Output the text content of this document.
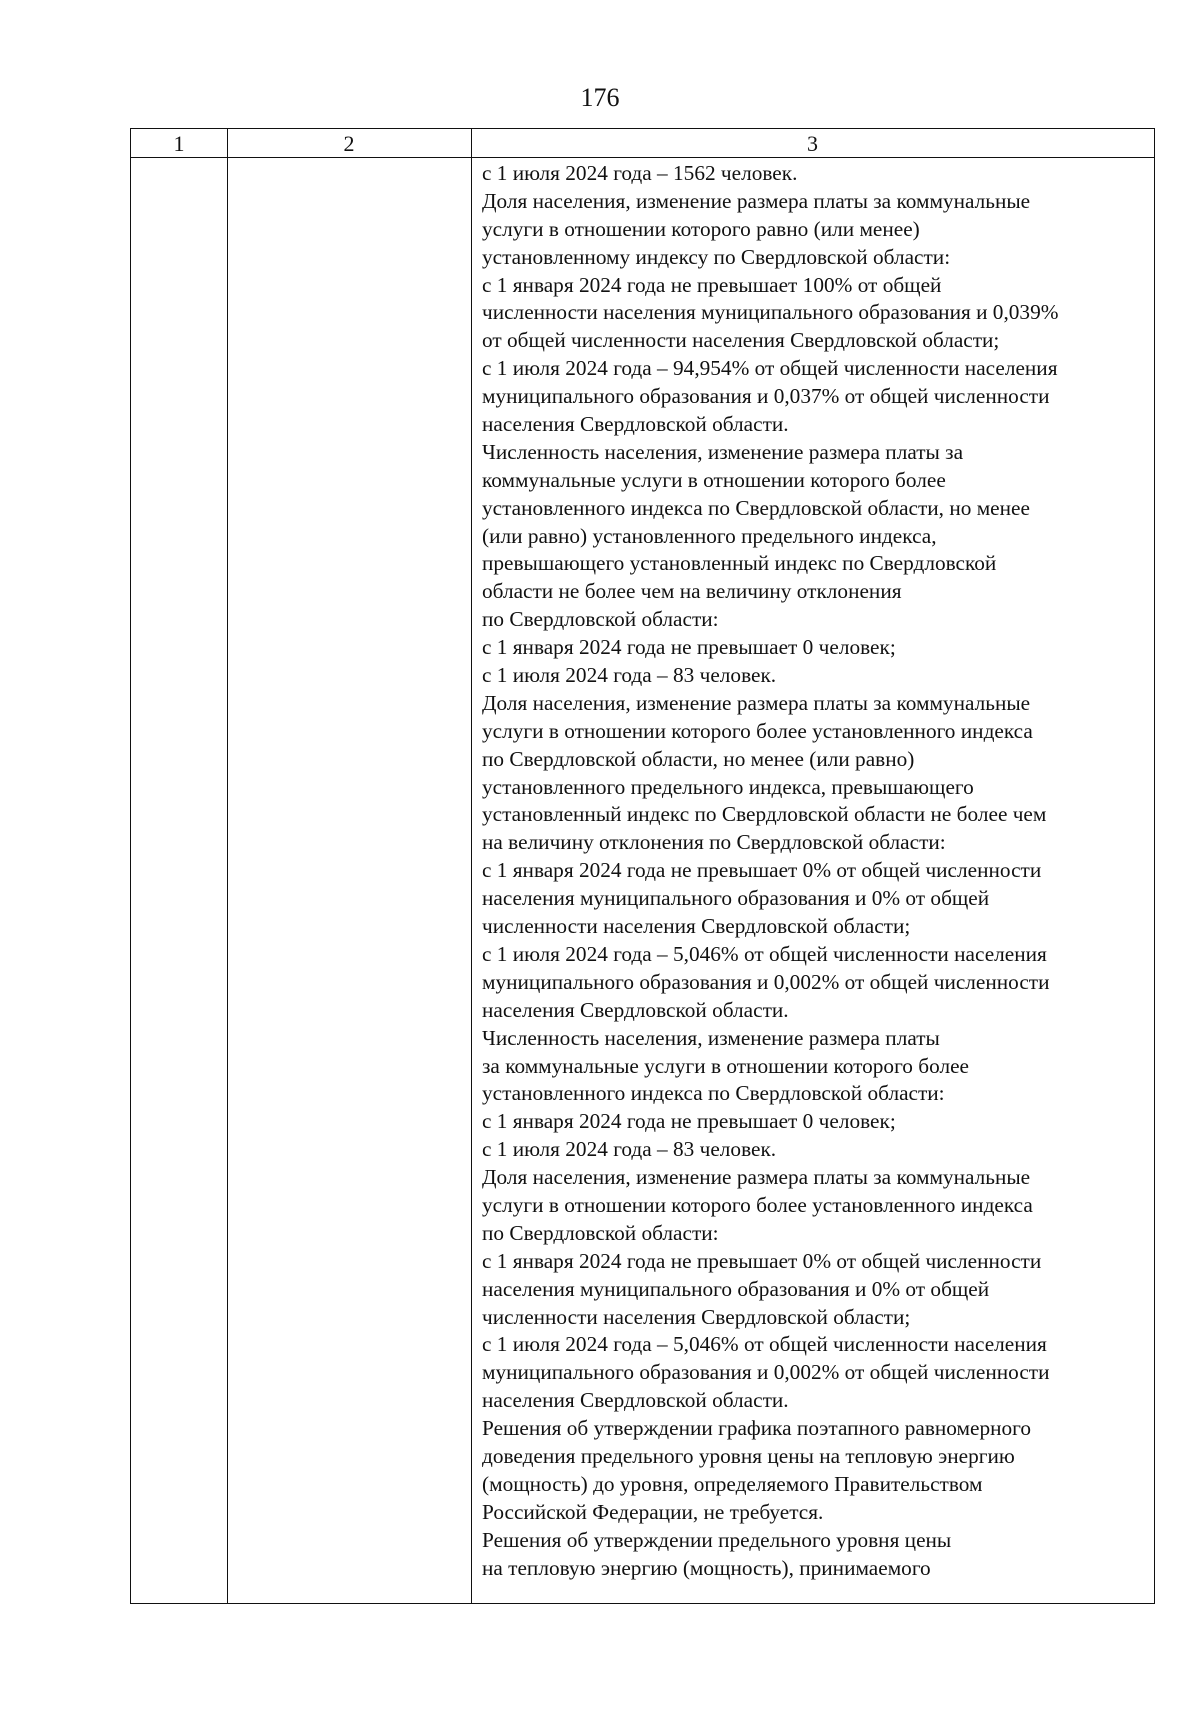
176
1	2	3
с 1 июля 2024 года – 1562 человек.
Доля населения, изменение размера платы за коммунальные
услуги в отношении которого равно (или менее)
установленному индексу по Свердловской области:
с 1 января 2024 года не превышает 100% от общей
численности населения муниципального образования и 0,039%
от общей численности населения Свердловской области;
с 1 июля 2024 года – 94,954% от общей численности населения
муниципального образования и 0,037% от общей численности
населения Свердловской области.
Численность населения, изменение размера платы за
коммунальные услуги в отношении которого более
установленного индекса по Свердловской области, но менее
(или равно) установленного предельного индекса,
превышающего установленный индекс по Свердловской
области не более чем на величину отклонения
по Свердловской области:
с 1 января 2024 года не превышает 0 человек;
с 1 июля 2024 года – 83 человек.
Доля населения, изменение размера платы за коммунальные
услуги в отношении которого более установленного индекса
по Свердловской области, но менее (или равно)
установленного предельного индекса, превышающего
установленный индекс по Свердловской области не более чем
на величину отклонения по Свердловской области:
с 1 января 2024 года не превышает 0% от общей численности
населения муниципального образования и 0% от общей
численности населения Свердловской области;
с 1 июля 2024 года – 5,046% от общей численности населения
муниципального образования и 0,002% от общей численности
населения Свердловской области.
Численность населения, изменение размера платы
за коммунальные услуги в отношении которого более
установленного индекса по Свердловской области:
с 1 января 2024 года не превышает 0 человек;
с 1 июля 2024 года – 83 человек.
Доля населения, изменение размера платы за коммунальные
услуги в отношении которого более установленного индекса
по Свердловской области:
с 1 января 2024 года не превышает 0% от общей численности
населения муниципального образования и 0% от общей
численности населения Свердловской области;
с 1 июля 2024 года – 5,046% от общей численности населения
муниципального образования и 0,002% от общей численности
населения Свердловской области.
Решения об утверждении графика поэтапного равномерного
доведения предельного уровня цены на тепловую энергию
(мощность) до уровня, определяемого Правительством
Российской Федерации, не требуется.
Решения об утверждении предельного уровня цены
на тепловую энергию (мощность), принимаемого
